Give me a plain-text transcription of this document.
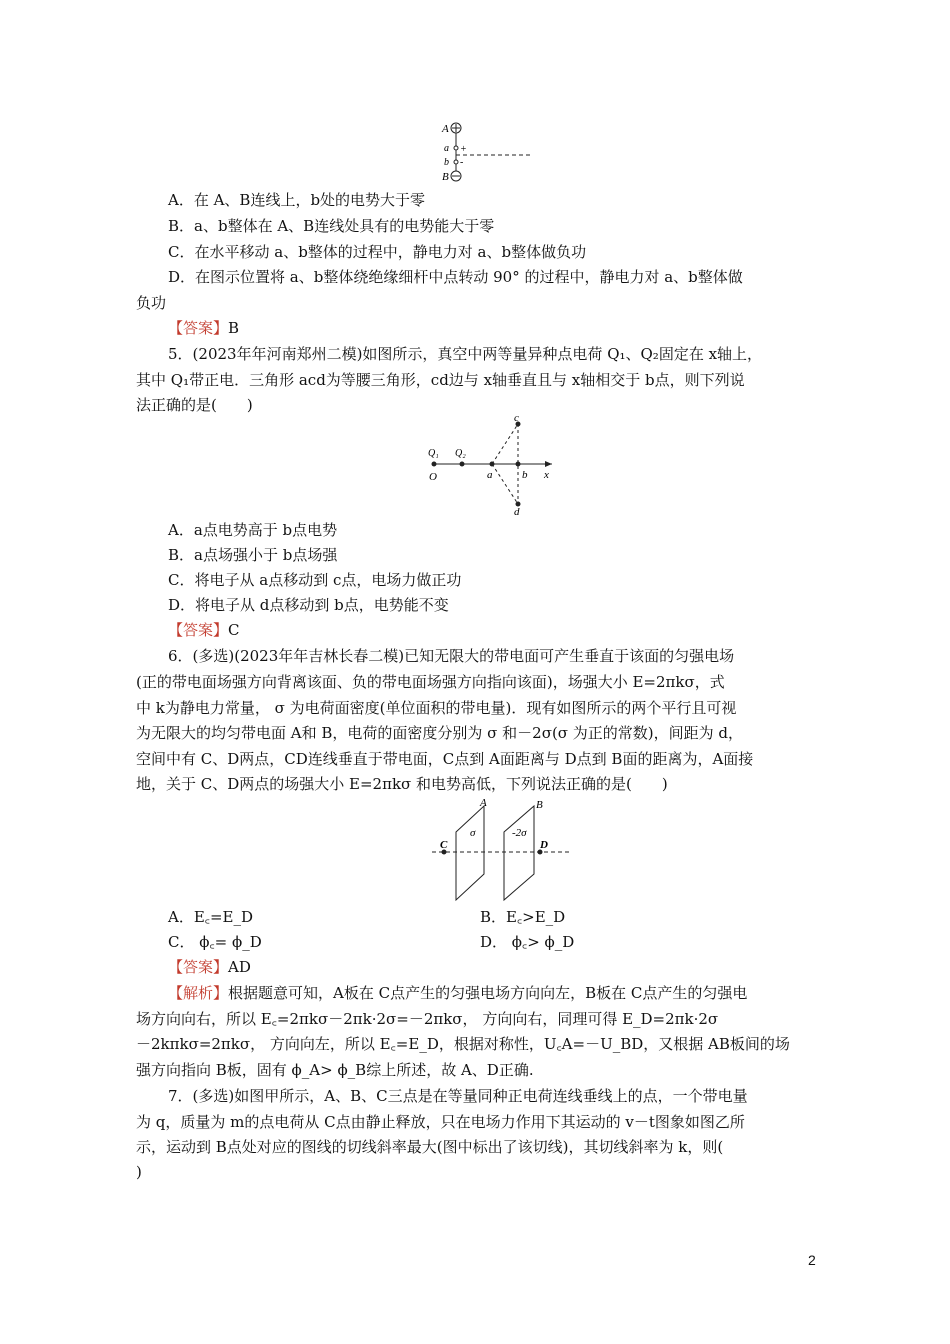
A
a +
b -
B
A．在 A、B连线上，b处的电势大于零
B．a、b整体在 A、B连线处具有的电势能大于零
C．在水平移动 a、b整体的过程中，静电力对 a、b整体做负功
D．在图示位置将 a、b整体绕绝缘细杆中点转动 90° 的过程中，静电力对 a、b整体做
负功
【答案】B
5．(2023年年河南郑州二模)如图所示，真空中两等量异种点电荷 Q₁、Q₂固定在 x轴上，
其中 Q₁带正电．三角形 acd为等腰三角形，cd边与 x轴垂直且与 x轴相交于 b点，则下列说
法正确的是(　　)
Q₁ Q₂
O	a	b
c
d
x
A．a点电势高于 b点电势
B．a点场强小于 b点场强
C．将电子从 a点移动到 c点，电场力做正功
D．将电子从 d点移动到 b点，电势能不变
【答案】C
6．(多选)(2023年年吉林长春二模)已知无限大的带电面可产生垂直于该面的匀强电场
(正的带电面场强方向背离该面、负的带电面场强方向指向该面)，场强大小 E=2πkσ，式
中 k为静电力常量， σ 为电荷面密度(单位面积的带电量)．现有如图所示的两个平行且可视
为无限大的均匀带电面 A和 B，电荷的面密度分别为 σ 和－2σ(σ 为正的常数)，间距为 d，
空间中有 C、D两点，CD连线垂直于带电面，C点到 A面距离与 D点到 B面的距离为，A面接
地，关于 C、D两点的场强大小 E=2πkσ 和电势高低，下列说法正确的是(　　)
A	B
σ	-2σ
C	D
A．E꜀=E_D	B．E꜀>E_D
C． ϕ꜀= ϕ_D	D． ϕ꜀> ϕ_D
【答案】AD
【解析】根据题意可知，A板在 C点产生的匀强电场方向向左，B板在 C点产生的匀强电
场方向向右，所以 E꜀=2πkσ－2πk·2σ=－2πkσ， 方向向右，同理可得 E_D=2πk·2σ
－2kπkσ=2πkσ， 方向向左，所以 E꜀=E_D，根据对称性，U꜀A=－U_BD，又根据 AB板间的场
强方向指向 B板，固有 ϕ_A> ϕ_B综上所述，故 A、D正确.
7．(多选)如图甲所示，A、B、C三点是在等量同种正电荷连线垂线上的点，一个带电量
为 q，质量为 m的点电荷从 C点由静止释放，只在电场力作用下其运动的 v－t图象如图乙所
示，运动到 B点处对应的图线的切线斜率最大(图中标出了该切线)，其切线斜率为 k，则(
)
2
